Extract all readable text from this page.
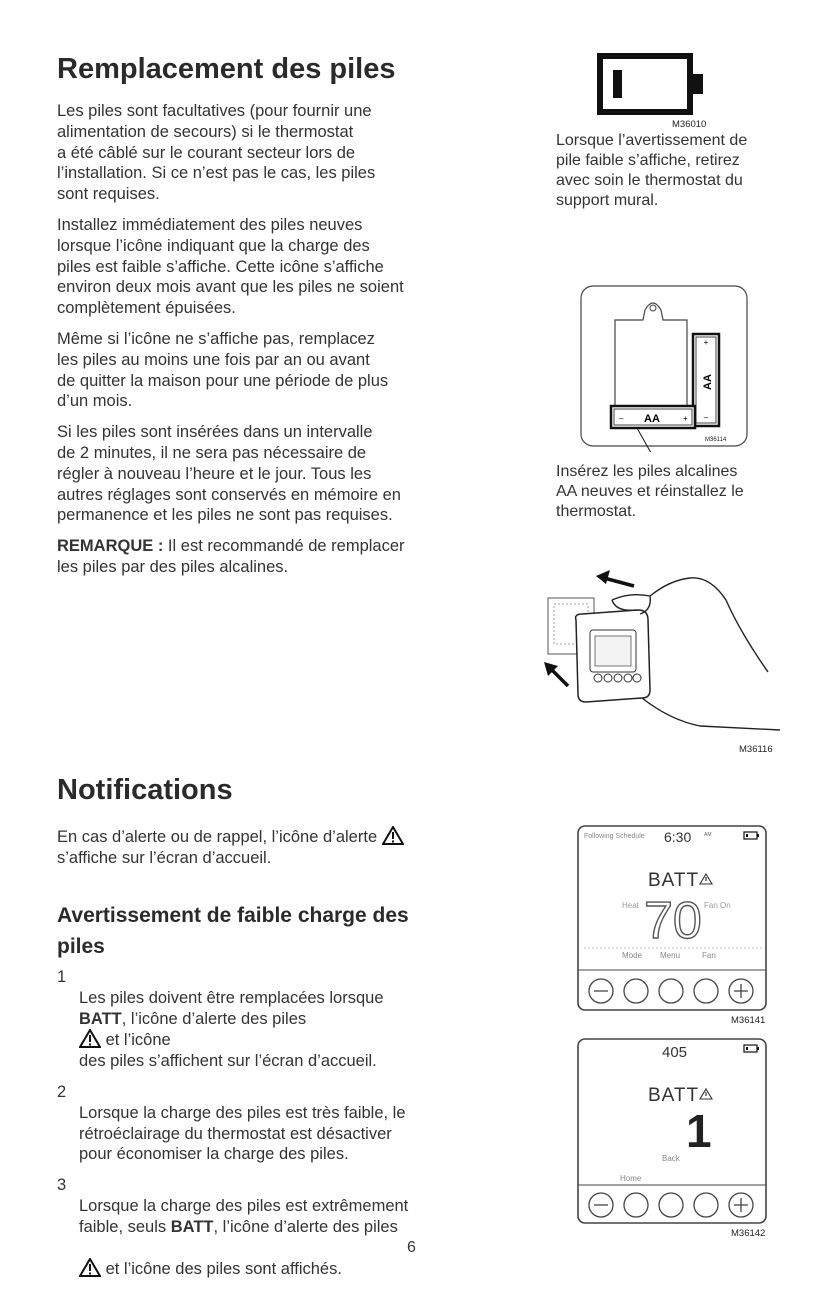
Remplacement des piles

Les piles sont facultatives (pour fournir une
alimentation de secours) si le thermostat
a été câblé sur le courant secteur lors de
l’installation. Si ce n’est pas le cas, les piles
sont requises.

Installez immédiatement des piles neuves
lorsque l’icône indiquant que la charge des
piles est faible s’affiche. Cette icône s’affiche
environ deux mois avant que les piles ne soient
complètement épuisées.

Même si l’icône ne s’affiche pas, remplacez
les piles au moins une fois par an ou avant
de quitter la maison pour une période de plus
d’un mois.

Si les piles sont insérées dans un intervalle
de 2 minutes, il ne sera pas nécessaire de
régler à nouveau l’heure et le jour. Tous les
autres réglages sont conservés en mémoire en
permanence et les piles ne sont pas requises.

REMARQUE : Il est recommandé de remplacer
les piles par des piles alcalines.

M36010
Lorsque l’avertissement de
pile faible s’affiche, retirez
avec soin le thermostat du
support mural.
+
–
AA
–	+
AA
M36114
Insérez les piles alcalines
AA neuves et réinstallez le
thermostat.
M36116
Notifications
En cas d’alerte ou de rappel, l’icône d’alerte
s’affiche sur l’écran d’accueil.
Avertissement de faible charge des
piles

1
Les piles doivent être remplacées lorsque
BATT, l’icône d’alerte des piles
et l’icône
des piles s’affichent sur l’écran d’accueil.

2
Lorsque la charge des piles est très faible, le
rétroéclairage du thermostat est désactiver
pour économiser la charge des piles.

3
Lorsque la charge des piles est extrêmement
faible, seuls BATT, l’icône d’alerte des piles

et l’icône des piles sont affichés.

Following Schedule 6:30	AM
BATT
Heat	Fan On
70
Mode Menu	Fan
M36141
405
BATT
1
Back
Home
M36142
6
